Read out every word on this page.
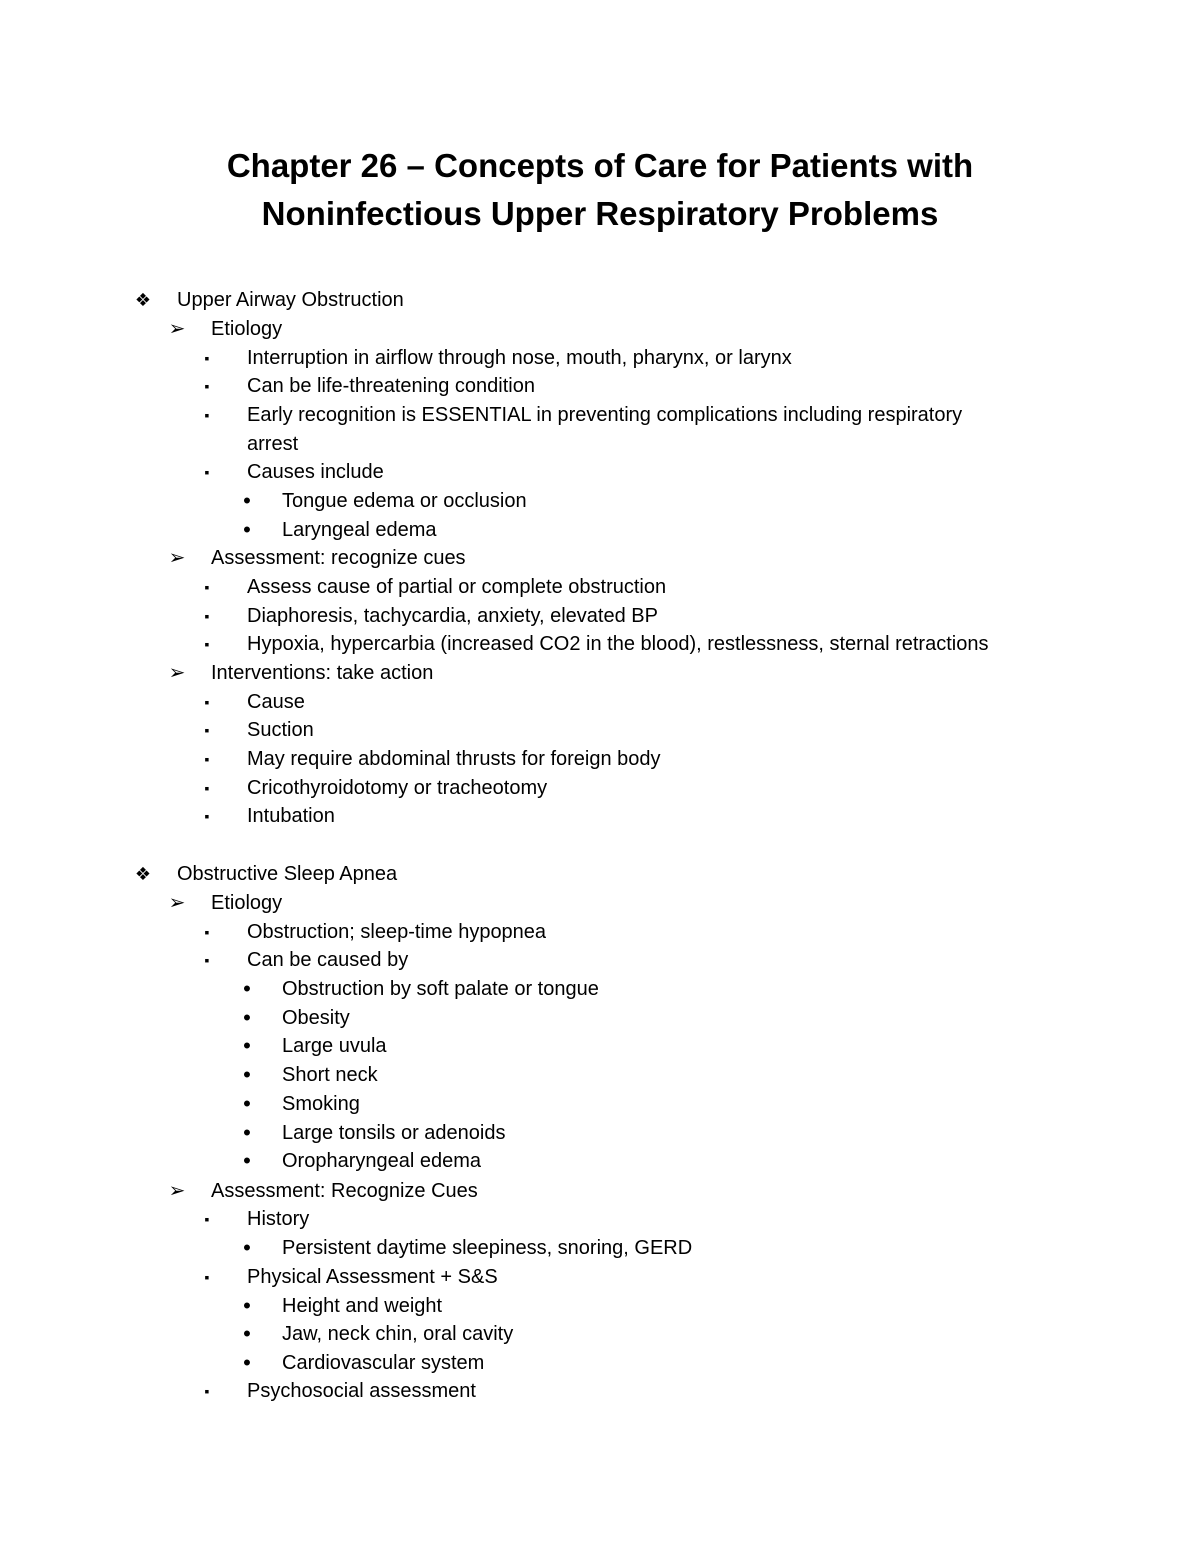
Chapter 26 – Concepts of Care for Patients with
Noninfectious Upper Respiratory Problems
❖ Upper Airway Obstruction
➢ Etiology
▪	Interruption in airflow through nose, mouth, pharynx, or larynx
▪	Can be life-threatening condition
▪	Early recognition is ESSENTIAL in preventing complications including respiratory
arrest
▪	Causes include
•	Tongue edema or occlusion
•	Laryngeal edema
➢ Assessment: recognize cues
▪	Assess cause of partial or complete obstruction
▪	Diaphoresis, tachycardia, anxiety, elevated BP
▪	Hypoxia, hypercarbia (increased CO2 in the blood), restlessness, sternal retractions
➢ Interventions: take action
▪	Cause
▪	Suction
▪	May require abdominal thrusts for foreign body
▪	Cricothyroidotomy or tracheotomy
▪	Intubation
❖ Obstructive Sleep Apnea
➢ Etiology
▪	Obstruction; sleep-time hypopnea
▪	Can be caused by
•	Obstruction by soft palate or tongue
•	Obesity
•	Large uvula
•	Short neck
•	Smoking
•	Large tonsils or adenoids
•	Oropharyngeal edema
➢ Assessment: Recognize Cues
▪	History
•	Persistent daytime sleepiness, snoring, GERD
▪	Physical Assessment + S&S
•	Height and weight
•	Jaw, neck chin, oral cavity
•	Cardiovascular system
▪	Psychosocial assessment
